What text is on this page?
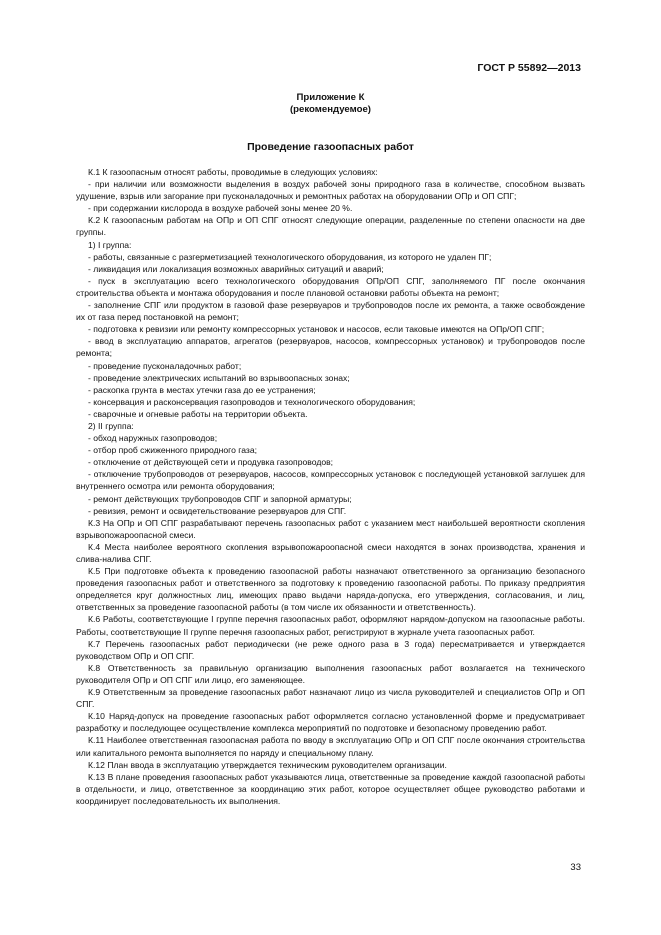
ГОСТ Р 55892—2013
Приложение К
(рекомендуемое)
Проведение газоопасных работ

К.1 К газоопасным относят работы, проводимые в следующих условиях:

- при наличии или возможности выделения в воздух рабочей зоны природного газа в количестве, способном вызвать удушение, взрыв или загорание при пусконаладочных и ремонтных работах на оборудовании ОПр и ОП СПГ;

- при содержании кислорода в воздухе рабочей зоны менее 20 %.

К.2 К газоопасным работам на ОПр и ОП СПГ относят следующие операции, разделенные по степени опасности на две группы.

1) I группа:

- работы, связанные с разгерметизацией технологического оборудования, из которого не удален ПГ;

- ликвидация или локализация возможных аварийных ситуаций и аварий;

- пуск в эксплуатацию всего технологического оборудования ОПр/ОП СПГ, заполняемого ПГ после окончания строительства объекта и монтажа оборудования и после плановой остановки работы объекта на ремонт;

- заполнение СПГ или продуктом в газовой фазе резервуаров и трубопроводов после их ремонта, а также освобождение их от газа перед постановкой на ремонт;

- подготовка к ревизии или ремонту компрессорных установок и насосов, если таковые имеются на ОПр/ОП СПГ;

- ввод в эксплуатацию аппаратов, агрегатов (резервуаров, насосов, компрессорных установок) и трубопроводов после ремонта;

- проведение пусконаладочных работ;

- проведение электрических испытаний во взрывоопасных зонах;

- раскопка грунта в местах утечки газа до ее устранения;

- консервация и расконсервация газопроводов и технологического оборудования;

- сварочные и огневые работы на территории объекта.

2) II группа:

- обход наружных газопроводов;

- отбор проб сжиженного природного газа;

- отключение от действующей сети и продувка газопроводов;

- отключение трубопроводов от резервуаров, насосов, компрессорных установок с последующей установкой заглушек для внутреннего осмотра или ремонта оборудования;

- ремонт действующих трубопроводов СПГ и запорной арматуры;

- ревизия, ремонт и освидетельствование резервуаров для СПГ.

К.3 На ОПр и ОП СПГ разрабатывают перечень газоопасных работ с указанием мест наибольшей вероятности скопления взрывопожароопасной смеси.

К.4 Места наиболее вероятного скопления взрывопожароопасной смеси находятся в зонах производства, хранения и слива-налива СПГ.

К.5 При подготовке объекта к проведению газоопасной работы назначают ответственного за организацию безопасного проведения газоопасных работ и ответственного за подготовку к проведению газоопасной работы. По приказу предприятия определяется круг должностных лиц, имеющих право выдачи наряда-допуска, его утверждения, согласования, и лиц, ответственных за проведение газоопасной работы (в том числе их обязанности и ответственность).

К.6 Работы, соответствующие I группе перечня газоопасных работ, оформляют нарядом-допуском на газоопасные работы. Работы, соответствующие II группе перечня газоопасных работ, регистрируют в журнале учета газоопасных работ.

К.7 Перечень газоопасных работ периодически (не реже одного раза в 3 года) пересматривается и утверждается руководством ОПр и ОП СПГ.

К.8 Ответственность за правильную организацию выполнения газоопасных работ возлагается на технического руководителя ОПр и ОП СПГ или лицо, его заменяющее.

К.9 Ответственным за проведение газоопасных работ назначают лицо из числа руководителей и специалистов ОПр и ОП СПГ.

К.10 Наряд-допуск на проведение газоопасных работ оформляется согласно установленной форме и предусматривает разработку и последующее осуществление комплекса мероприятий по подготовке и безопасному проведению работ.

К.11 Наиболее ответственная газоопасная работа по вводу в эксплуатацию ОПр и ОП СПГ после окончания строительства или капитального ремонта выполняется по наряду и специальному плану.

К.12 План ввода в эксплуатацию утверждается техническим руководителем организации.

К.13 В плане проведения газоопасных работ указываются лица, ответственные за проведение каждой газоопасной работы в отдельности, и лицо, ответственное за координацию этих работ, которое осуществляет общее руководство работами и координирует последовательность их выполнения.

33
